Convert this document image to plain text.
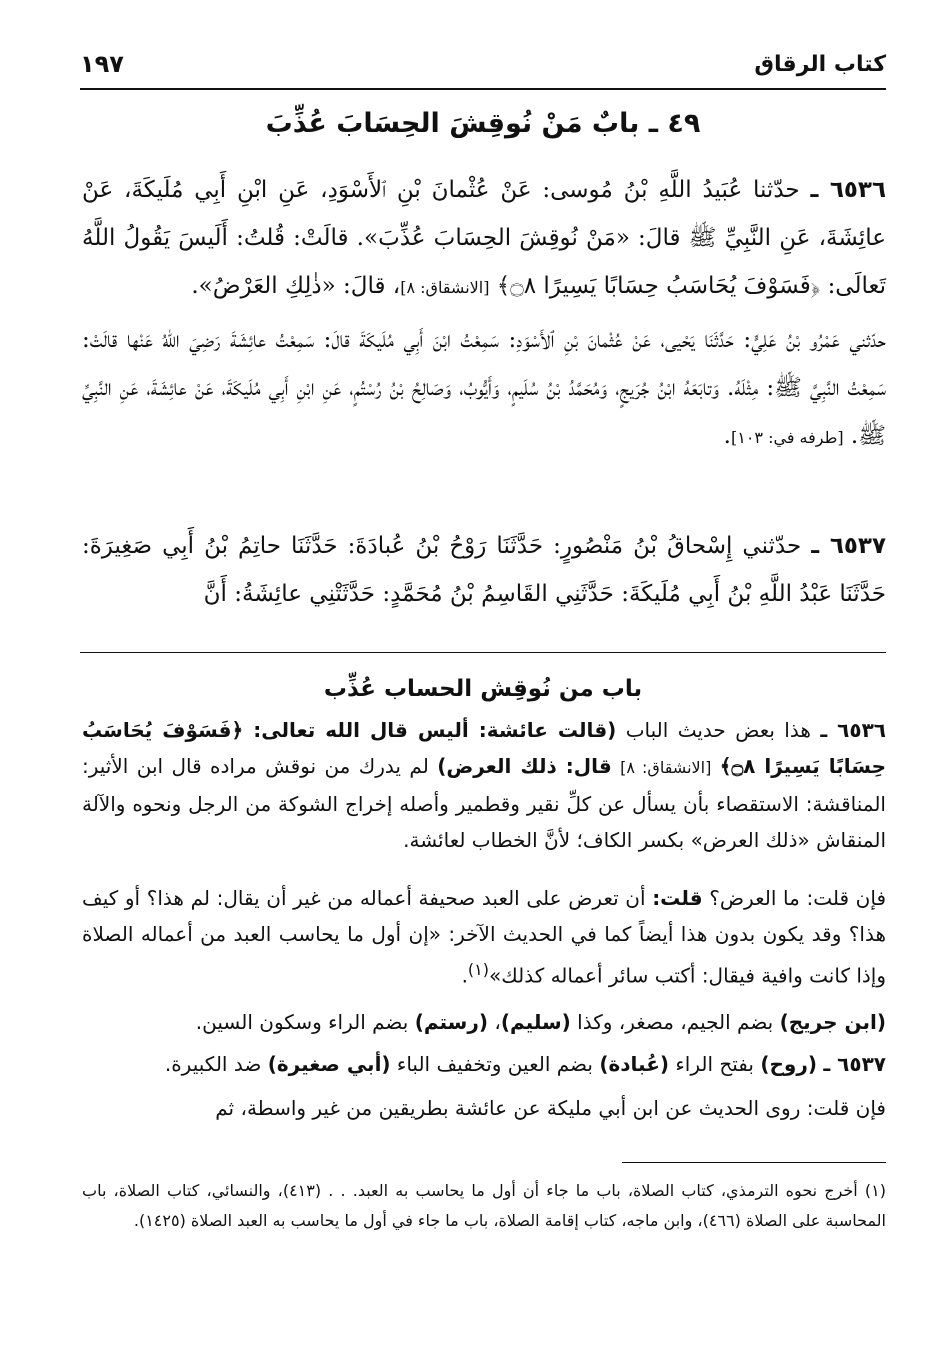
كتاب الرقاق
١٩٧
٤٩ ـ بابٌ مَنْ نُوقِشَ الحِسَابَ عُذِّبَ
٦٥٣٦ ـ حدّثنا عُبَيدُ اللَّهِ بْنُ مُوسى: عَنْ عُثْمانَ بْنِ ٱلأَسْوَدِ، عَنِ ابْنِ أَبِي مُلَيكَةَ، عَنْ عائِشَةَ، عَنِ النَّبِيِّ ﷺ قالَ: «مَنْ نُوقِشَ الحِسَابَ عُذِّبَ». قالَتْ: قُلتُ: أَلَيسَ يَقُولُ اللَّهُ تَعالَى: ﴿فَسَوْفَ يُحَاسَبُ حِسَابًا يَسِيرًا ۝٨﴾ [الانشقاق: ٨]، قالَ: «ذٰلِكِ العَرْضُ».
حدّثني عَمْرُو بْنُ عَلِيٍّ: حَدَّثَنَا يَحْيى، عَنْ عُثْمانَ بْنِ ٱلأَسْوَدِ: سَمِعْتُ ابْنَ أَبِي مُلَيكَةَ قالَ: سَمِعْتُ عائِشَةَ رَضِيَ اللهُ عَنْها قالَتْ: سَمِعْتُ النَّبِيَّ ﷺ: مِثْلَهُ. وَتابَعَهُ ابْنُ جُرَيجٍ، وَمُحَمَّدُ بْنُ سُلَيمٍ، وَأَيُّوبُ، وَصَالِحُ بْنُ رُسْتُمٍ، عَنِ ابْنِ أَبِي مُلَيكَةَ، عَنْ عائِشَةَ، عَنِ النَّبِيِّ ﷺ. [طرفه في: ١٠٣].
٦٥٣٧ ـ حدّثني إِسْحاقُ بْنُ مَنْصُورٍ: حَدَّثَنَا رَوْحُ بْنُ عُبادَةَ: حَدَّثَنَا حاتِمُ بْنُ أَبِي صَغِيرَةَ: حَدَّثَنَا عَبْدُ اللَّهِ بْنُ أَبِي مُلَيكَةَ: حَدَّثَنِي القَاسِمُ بْنُ مُحَمَّدٍ: حَدَّثَتْنِي عائِشَةُ: أَنَّ
باب من نُوقِش الحساب عُذِّب
٦٥٣٦ ـ هذا بعض حديث الباب (قالت عائشة: أليس قال الله تعالى: ﴿فَسَوْفَ يُحَاسَبُ حِسَابًا يَسِيرًا ۝٨﴾ [الانشقاق: ٨] قال: ذلك العرض) لم يدرك من نوقش مراده قال ابن الأثير: المناقشة: الاستقصاء بأن يسأل عن كلِّ نقير وقطمير وأصله إخراج الشوكة من الرجل ونحوه والآلة المنقاش «ذلك العرض» بكسر الكاف؛ لأنَّ الخطاب لعائشة.
فإن قلت: ما العرض؟ قلت: أن تعرض على العبد صحيفة أعماله من غير أن يقال: لم هذا؟ أو كيف هذا؟ وقد يكون بدون هذا أيضاً كما في الحديث الآخر: «إن أول ما يحاسب العبد من أعماله الصلاة وإذا كانت وافية فيقال: أكتب سائر أعماله كذلك»$^{(١)}$.
(ابن جريج) بضم الجيم، مصغر، وكذا (سليم)، (رستم) بضم الراء وسكون السين.
٦٥٣٧ ـ (روح) بفتح الراء (عُبادة) بضم العين وتخفيف الباء (أبي صغيرة) ضد الكبيرة.
فإن قلت: روى الحديث عن ابن أبي مليكة عن عائشة بطريقين من غير واسطة، ثم
(١) أخرج نحوه الترمذي، كتاب الصلاة، باب ما جاء أن أول ما يحاسب به العبد. . . (٤١٣)، والنسائي، كتاب الصلاة، باب المحاسبة على الصلاة (٤٦٦)، وابن ماجه، كتاب إقامة الصلاة، باب ما جاء في أول ما يحاسب به العبد الصلاة (١٤٢٥).
